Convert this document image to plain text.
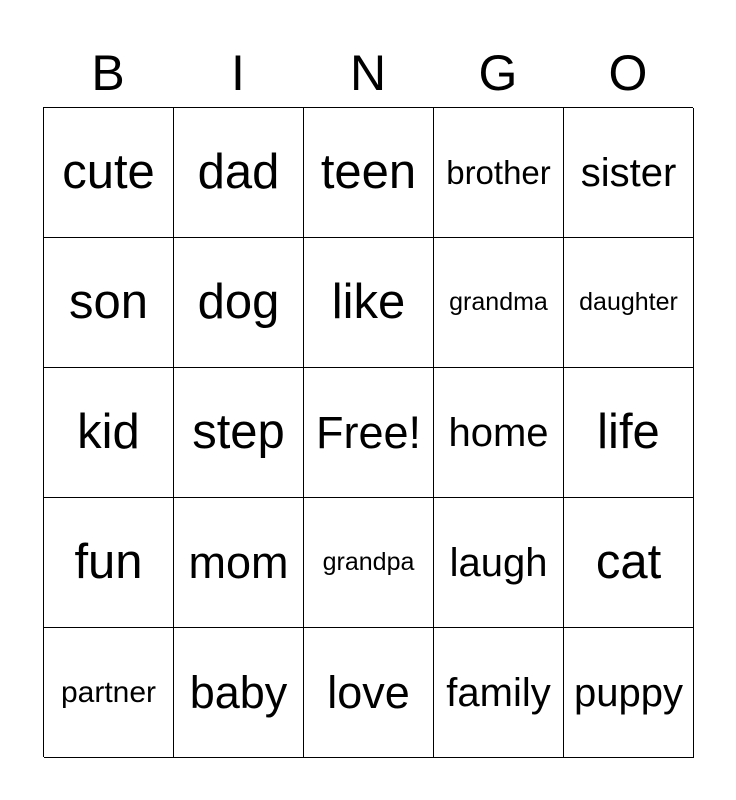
B	I	N	G	O
cute dad teen brother sister
son	dog	like	grandma	daughter
kid	step Free! home life
fun	mom	grandpa laugh cat
partner baby love family puppy
